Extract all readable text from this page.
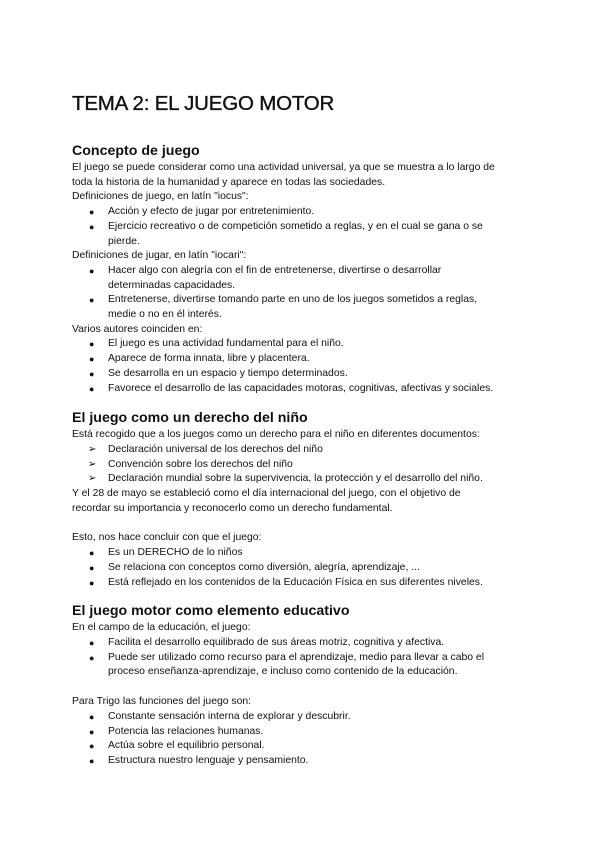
TEMA 2: EL JUEGO MOTOR
Concepto de juego

El juego se puede considerar como una actividad universal, ya que se muestra a lo largo de

toda la historia de la humanidad y aparece en todas las sociedades.

Definiciones de juego, en latín "iocus":

● Acción y efecto de jugar por entretenimiento.
● Ejercicio recreativo o de competición sometido a reglas, y en el cual se gana o se
pierde.

Definiciones de jugar, en latín "iocari":

● Hacer algo con alegría con el fin de entretenerse, divertirse o desarrollar
determinadas capacidades.
● Entretenerse, divertirse tomando parte en uno de los juegos sometidos a reglas,
medie o no en él interés.

Varios autores coinciden en:

● El juego es una actividad fundamental para el niño.
● Aparece de forma innata, libre y placentera.
● Se desarrolla en un espacio y tiempo determinados.
● Favorece el desarrollo de las capacidades motoras, cognitivas, afectivas y sociales.
El juego como un derecho del niño

Está recogido que a los juegos como un derecho para el niño en diferentes documentos:

➢ Declaración universal de los derechos del niño
➢ Convención sobre los derechos del niño
➢ Declaración mundial sobre la supervivencia, la protección y el desarrollo del niño.

Y el 28 de mayo se estableció como el día internacional del juego, con el objetivo de

recordar su importancia y reconocerlo como un derecho fundamental.

Esto, nos hace concluir con que el juego:

● Es un DERECHO de lo niños
● Se relaciona con conceptos como diversión, alegría, aprendizaje, ...
● Está reflejado en los contenidos de la Educación Física en sus diferentes niveles.
El juego motor como elemento educativo

En el campo de la educación, el juego:

● Facilita el desarrollo equilibrado de sus áreas motriz, cognitiva y afectiva.
● Puede ser utilizado como recurso para el aprendizaje, medio para llevar a cabo el
proceso enseñanza-aprendizaje, e incluso como contenido de la educación.

Para Trigo las funciones del juego son:

● Constante sensación interna de explorar y descubrir.
● Potencia las relaciones humanas.
● Actúa sobre el equilibrio personal.
● Estructura nuestro lenguaje y pensamiento.
